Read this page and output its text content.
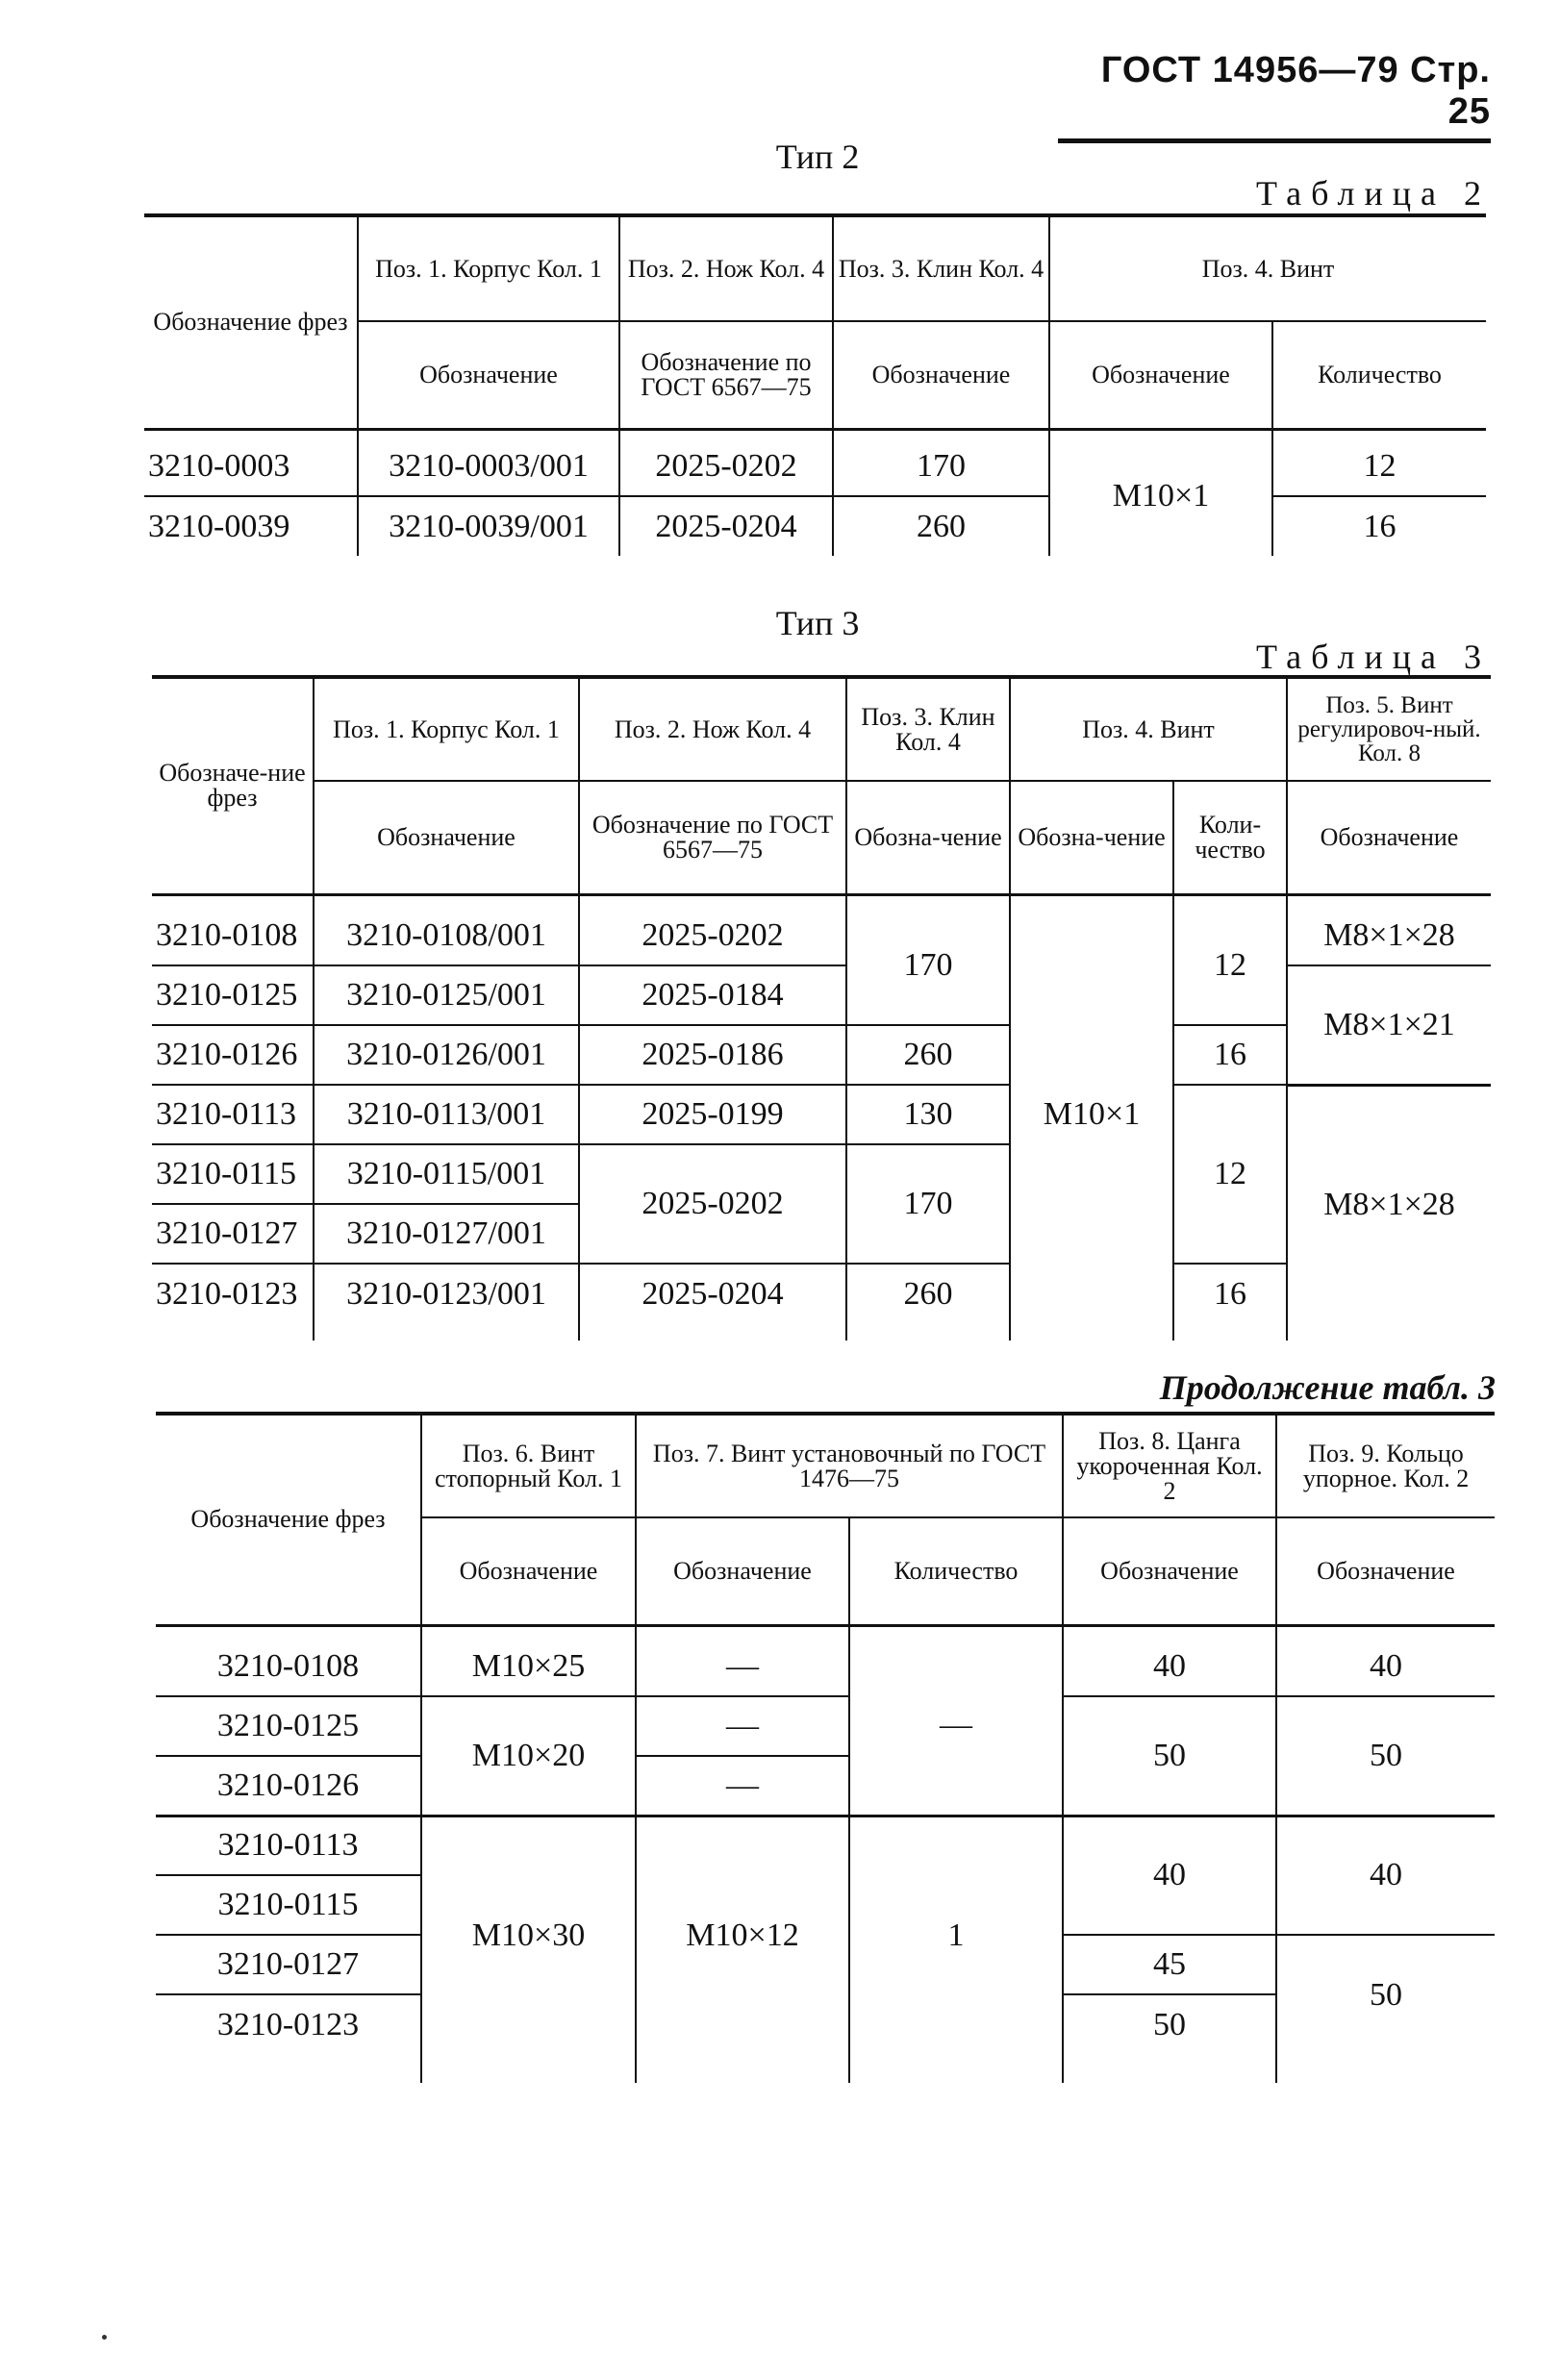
ГОСТ 14956—79 Стр. 25
Тип 2
Таблица 2
Обозначение фрез	Поз. 1. Корпус Кол. 1	Поз. 2. Нож Кол. 4	Поз. 3. Клин Кол. 4	Поз. 4. Винт	
	Обозначение	Обозначение по ГОСТ 6567—75	Обозначение	Обозначение	Количество

3210-0003	3210-0003/001	2025-0202	170	М10×1	12
3210-0039	3210-0039/001	2025-0204	260		16
Тип 3
Таблица 3
Обозначе-ние фрез	Поз. 1. Корпус Кол. 1	Поз. 2. Нож Кол. 4	Поз. 3. Клин Кол. 4	Поз. 4. Винт		Поз. 5. Винт регулировоч-ный. Кол. 8
	Обозначение	Обозначение по ГОСТ 6567—75	Обозна-чение	Обозна-чение	Коли-чество	Обозначение

3210-0108	3210-0108/001	2025-0202	170	М10×1	12	М8×1×28
3210-0125	3210-0125/001	2025-0184				М8×1×21
3210-0126	3210-0126/001	2025-0186	260		16	
3210-0113	3210-0113/001	2025-0199	130		12	М8×1×28
3210-0115	3210-0115/001	2025-0202	170			
3210-0127	3210-0127/001					
3210-0123	3210-0123/001	2025-0204	260		16	

Продолжение табл. 3
Обозначение фрез	Поз. 6. Винт стопорный Кол. 1	Поз. 7. Винт установочный по ГОСТ 1476—75		Поз. 8. Цанга укороченная Кол. 2	Поз. 9. Кольцо упорное. Кол. 2
	Обозначение	Обозначение	Количество	Обозначение	Обозначение

3210-0108	М10×25	—	—	40	40
3210-0125	М10×20	—		50	50
3210-0126		—			
3210-0113	М10×30	М10×12	1	40	40
3210-0115					
3210-0127				45	50
3210-0123				50	
